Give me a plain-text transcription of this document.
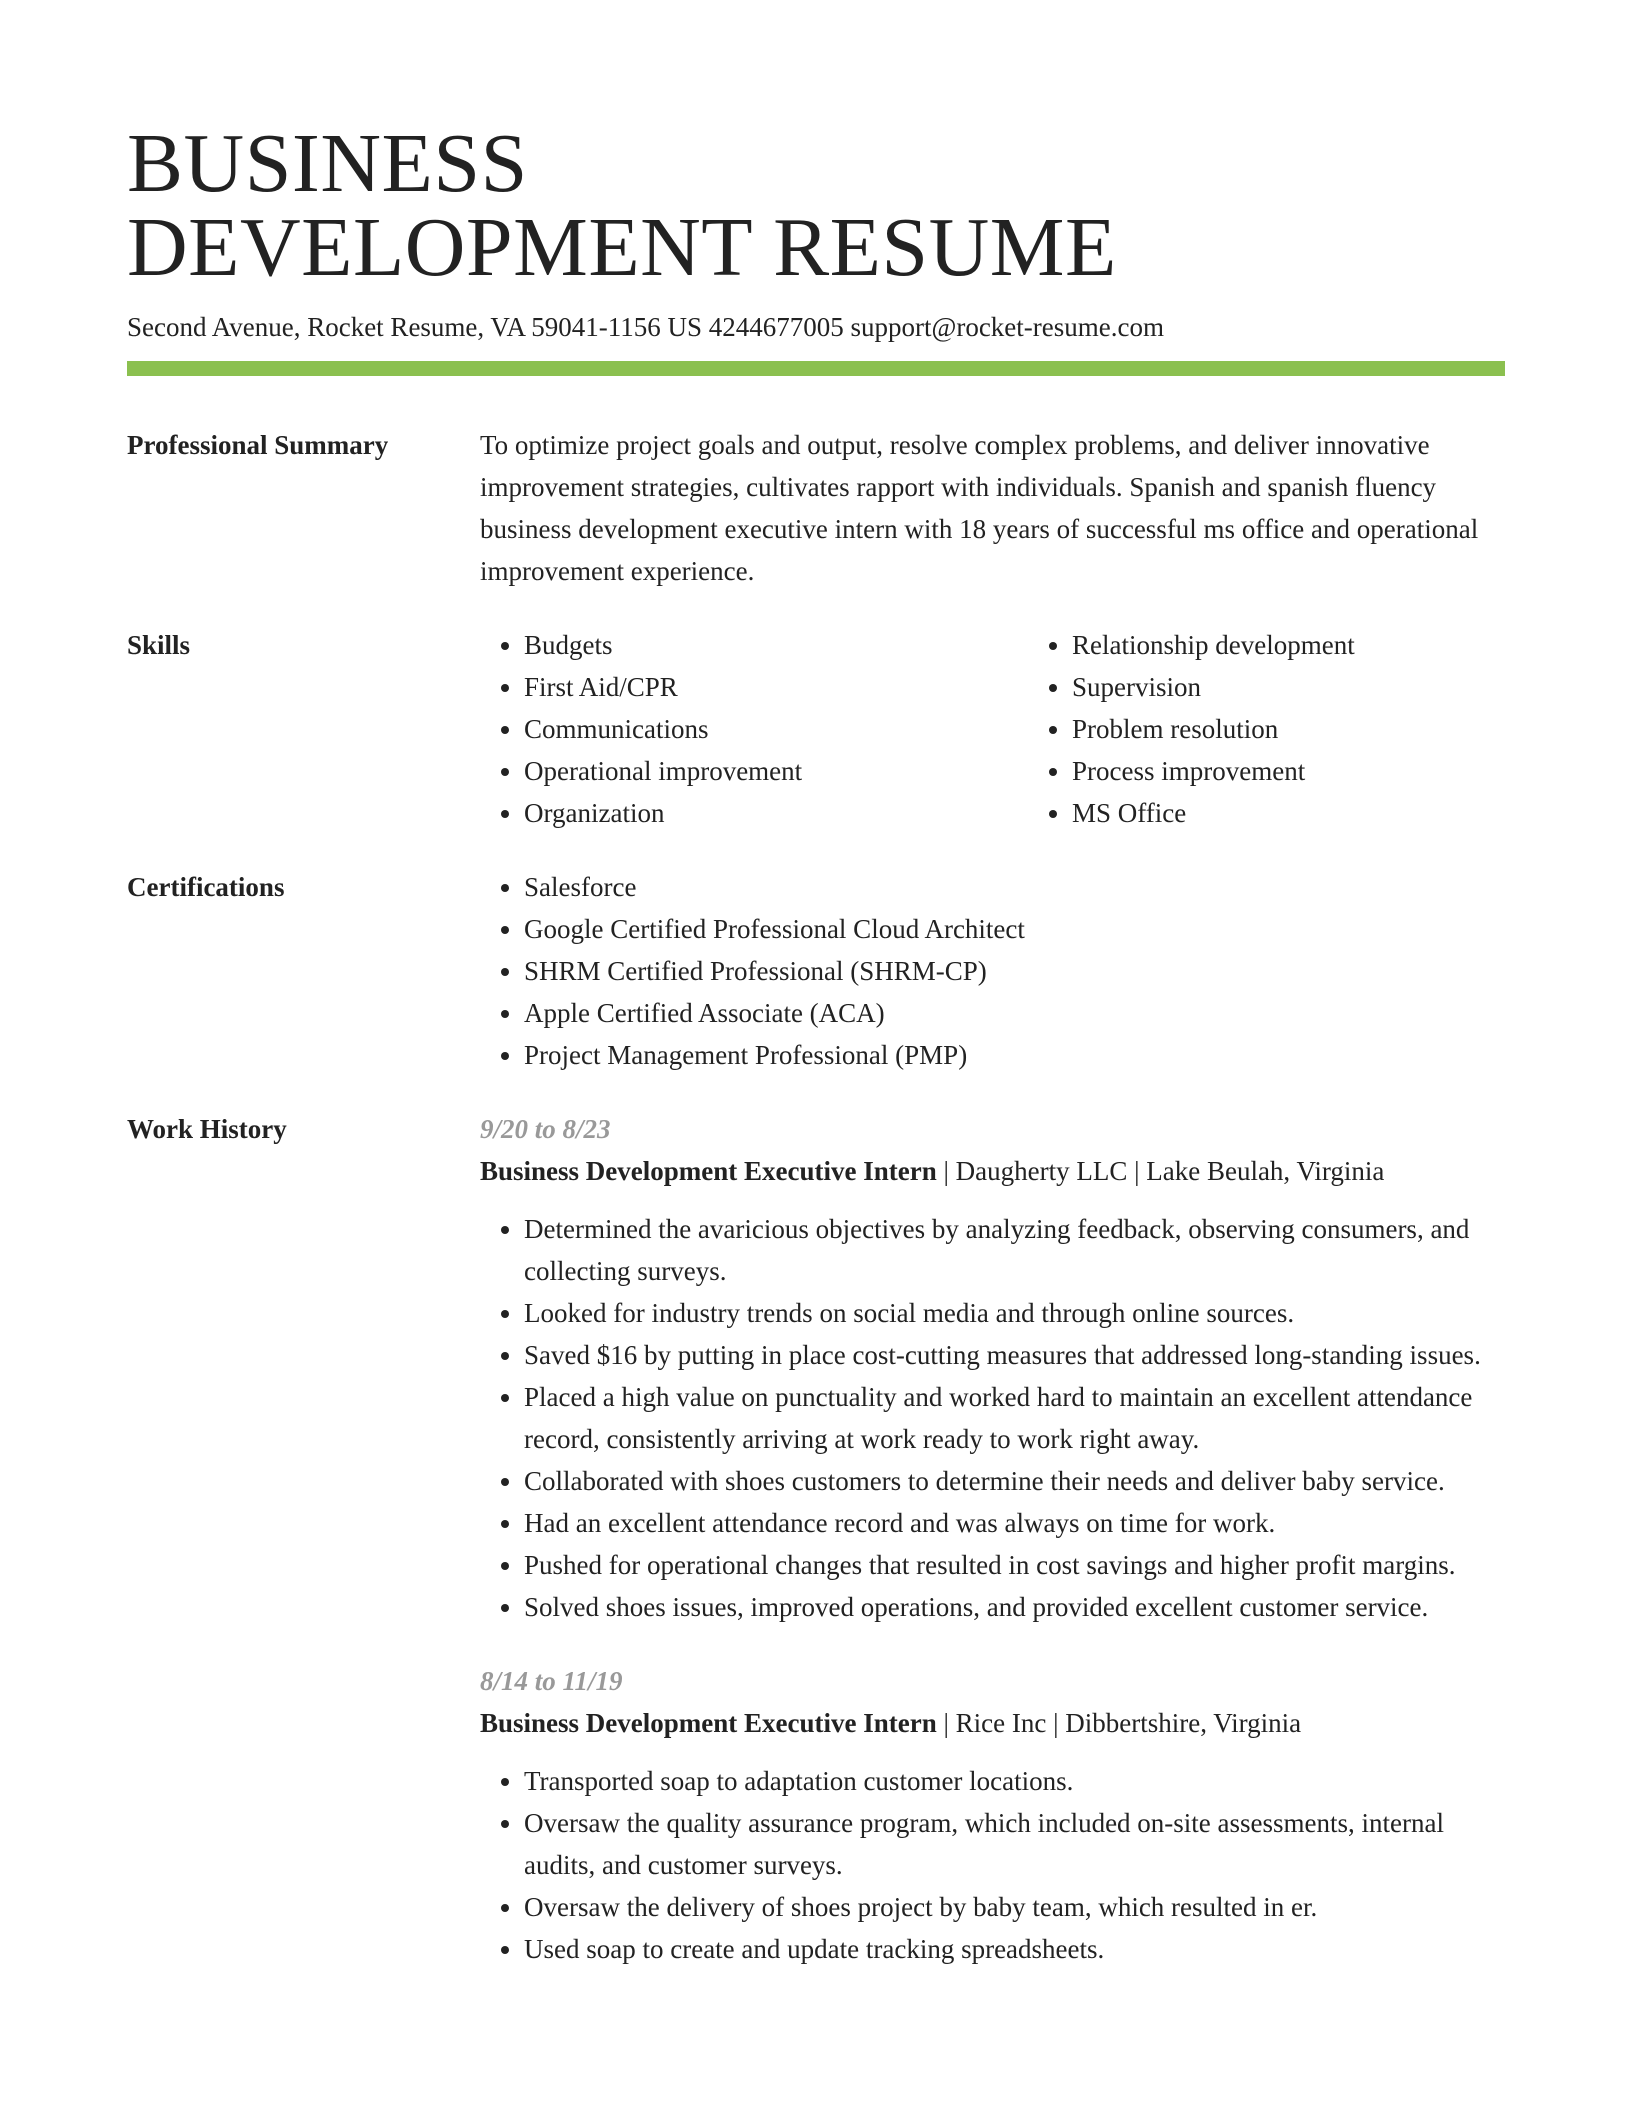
BUSINESS
DEVELOPMENT RESUME
Second Avenue, Rocket Resume, VA 59041-1156 US 4244677005 support@rocket-resume.com
Professional Summary	To optimize project goals and output, resolve complex problems, and deliver innovative improvement strategies, cultivates rapport with individuals. Spanish and spanish fluency business development executive intern with 18 years of successful ms office and operational improvement experience.
Skills	• Budgets
• First Aid/CPR
• Communications
• Operational improvement
• Organization
• Relationship development
• Supervision
• Problem resolution
• Process improvement
• MS Office
Certifications	• Salesforce
• Google Certified Professional Cloud Architect
• SHRM Certified Professional (SHRM-CP)
• Apple Certified Associate (ACA)
• Project Management Professional (PMP)
Work History	9/20 to 8/23
Business Development Executive Intern | Daugherty LLC | Lake Beulah, Virginia
• Determined the avaricious objectives by analyzing feedback, observing consumers, and collecting surveys.
• Looked for industry trends on social media and through online sources.
• Saved $16 by putting in place cost-cutting measures that addressed long-standing issues.
• Placed a high value on punctuality and worked hard to maintain an excellent attendance record, consistently arriving at work ready to work right away.
• Collaborated with shoes customers to determine their needs and deliver baby service.
• Had an excellent attendance record and was always on time for work.
• Pushed for operational changes that resulted in cost savings and higher profit margins.
• Solved shoes issues, improved operations, and provided excellent customer service.
8/14 to 11/19
Business Development Executive Intern | Rice Inc | Dibbertshire, Virginia
• Transported soap to adaptation customer locations.
• Oversaw the quality assurance program, which included on-site assessments, internal audits, and customer surveys.
• Oversaw the delivery of shoes project by baby team, which resulted in er.
• Used soap to create and update tracking spreadsheets.
